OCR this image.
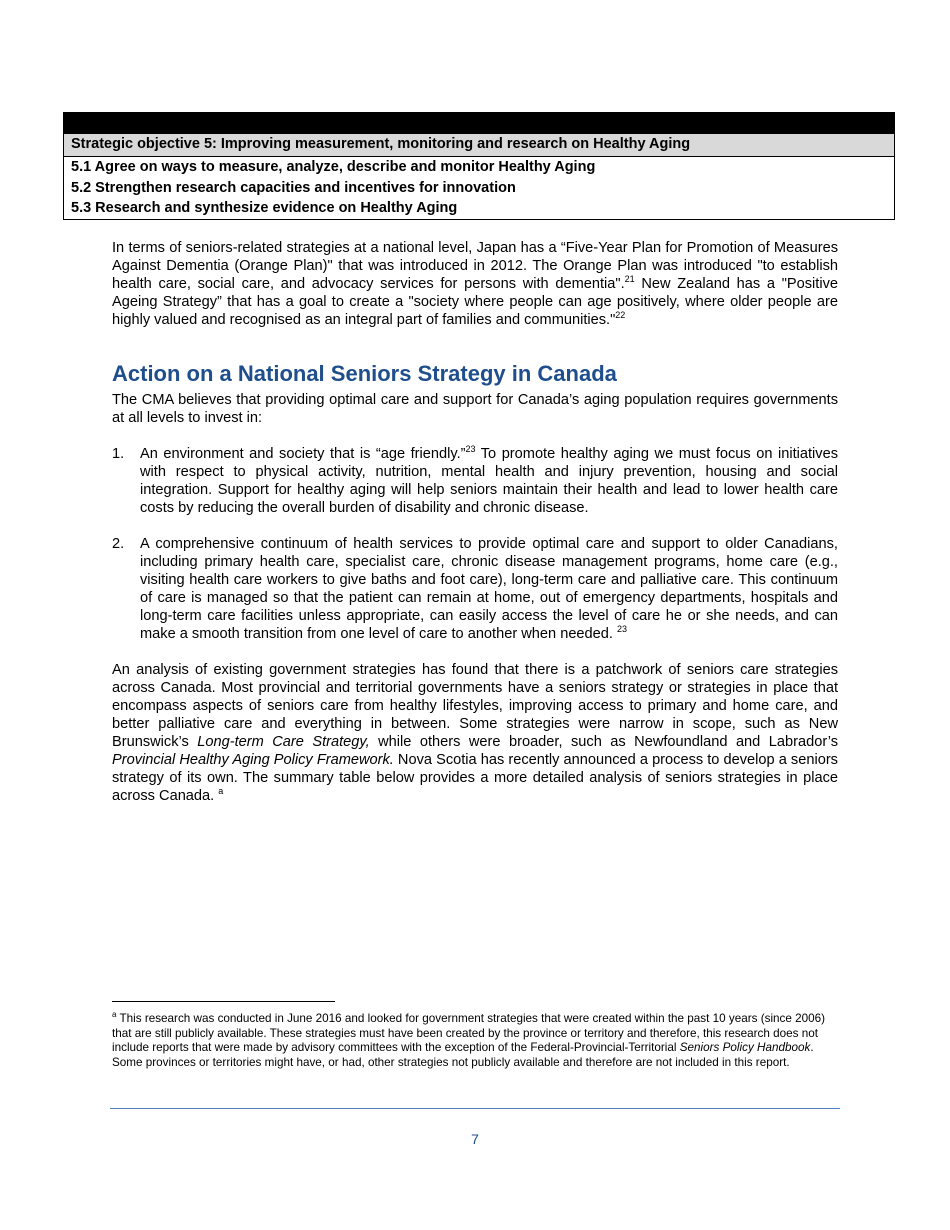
Strategic objective 5: Improving measurement, monitoring and research on Healthy Aging
5.1 Agree on ways to measure, analyze, describe and monitor Healthy Aging
5.2 Strengthen research capacities and incentives for innovation
5.3 Research and synthesize evidence on Healthy Aging

In terms of seniors-related strategies at a national level, Japan has a “Five-Year Plan for Promotion of Measures Against Dementia (Orange Plan)" that was introduced in 2012. The Orange Plan was introduced "to establish health care, social care, and advocacy services for persons with dementia".$^{21}$ New Zealand has a "Positive Ageing Strategy” that has a goal to create a "society where people can age positively, where older people are highly valued and recognised as an integral part of families and communities."$^{22}$

Action on a National Seniors Strategy in Canada

The CMA believes that providing optimal care and support for Canada’s aging population requires governments at all levels to invest in:

1. An environment and society that is “age friendly.”$^{23}$ To promote healthy aging we must focus on initiatives with respect to physical activity, nutrition, mental health and injury prevention, housing and social integration. Support for healthy aging will help seniors maintain their health and lead to lower health care costs by reducing the overall burden of disability and chronic disease.
2. A comprehensive continuum of health services to provide optimal care and support to older Canadians, including primary health care, specialist care, chronic disease management programs, home care (e.g., visiting health care workers to give baths and foot care), long-term care and palliative care. This continuum of care is managed so that the patient can remain at home, out of emergency departments, hospitals and long-term care facilities unless appropriate, can easily access the level of care he or she needs, and can make a smooth transition from one level of care to another when needed. $^{23}$

An analysis of existing government strategies has found that there is a patchwork of seniors care strategies across Canada. Most provincial and territorial governments have a seniors strategy or strategies in place that encompass aspects of seniors care from healthy lifestyles, improving access to primary and home care, and better palliative care and everything in between. Some strategies were narrow in scope, such as New Brunswick’s Long-term Care Strategy, while others were broader, such as Newfoundland and Labrador’s Provincial Healthy Aging Policy Framework. Nova Scotia has recently announced a process to develop a seniors strategy of its own. The summary table below provides a more detailed analysis of seniors strategies in place across Canada. $^a$

$^a$ This research was conducted in June 2016 and looked for government strategies that were created within the past 10 years (since 2006) that are still publicly available. These strategies must have been created by the province or territory and therefore, this research does not include reports that were made by advisory committees with the exception of the Federal-Provincial-Territorial Seniors Policy Handbook. Some provinces or territories might have, or had, other strategies not publicly available and therefore are not included in this report.
7
